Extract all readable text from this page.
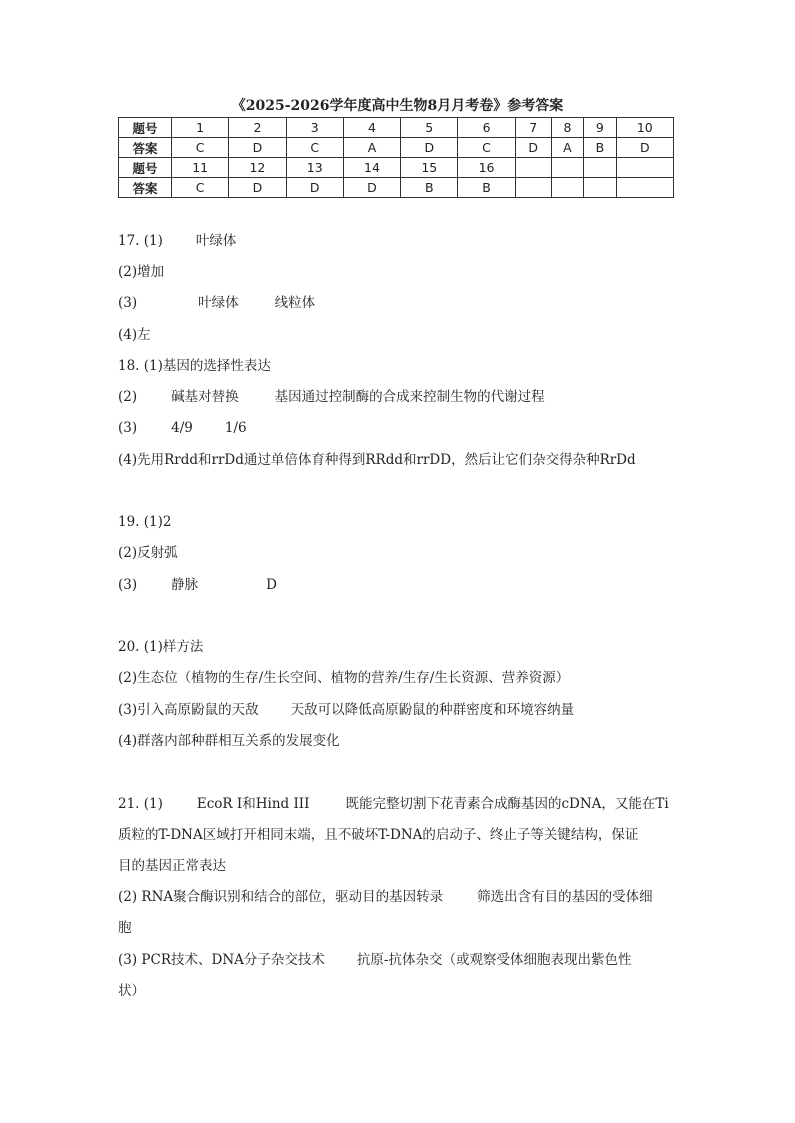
《2025-2026学年度高中生物8月月考卷》参考答案
题号	1	2	3	4	5	6	7	8	9	10
答案	C	D	C	A	D	C	D	A	B	D
题号	11	12	13	14	15	16				
答案	C	D	D	D	B	B				
17. (1) 叶绿体
(2)增加
(3)	叶绿体	线粒体
(4)左
18. (1)基因的选择性表达
(2)	碱基对替换	基因通过控制酶的合成来控制生物的代谢过程
(3)	4/9 1/6
(4)先用Rrdd和rrDd通过单倍体育种得到RRdd和rrDD，然后让它们杂交得杂种RrDd
19. (1)2
(2)反射弧
(3)	静脉	D
20. (1)样方法
(2)生态位（植物的生存/生长空间、植物的营养/生存/生长资源、营养资源）
(3)引入高原鼢鼠的天敌 天敌可以降低高原鼢鼠的种群密度和环境容纳量
(4)群落内部种群相互关系的发展变化
21. (1)	EcoR I和Hind III	既能完整切割下花青素合成酶基因的cDNA，又能在Ti
质粒的T-DNA区域打开相同末端，且不破坏T-DNA的启动子、终止子等关键结构，保证
目的基因正常表达
(2) RNA聚合酶识别和结合的部位，驱动目的基因转录	筛选出含有目的基因的受体细
胞
(3) PCR技术、DNA分子杂交技术 抗原-抗体杂交（或观察受体细胞表现出紫色性
状）
